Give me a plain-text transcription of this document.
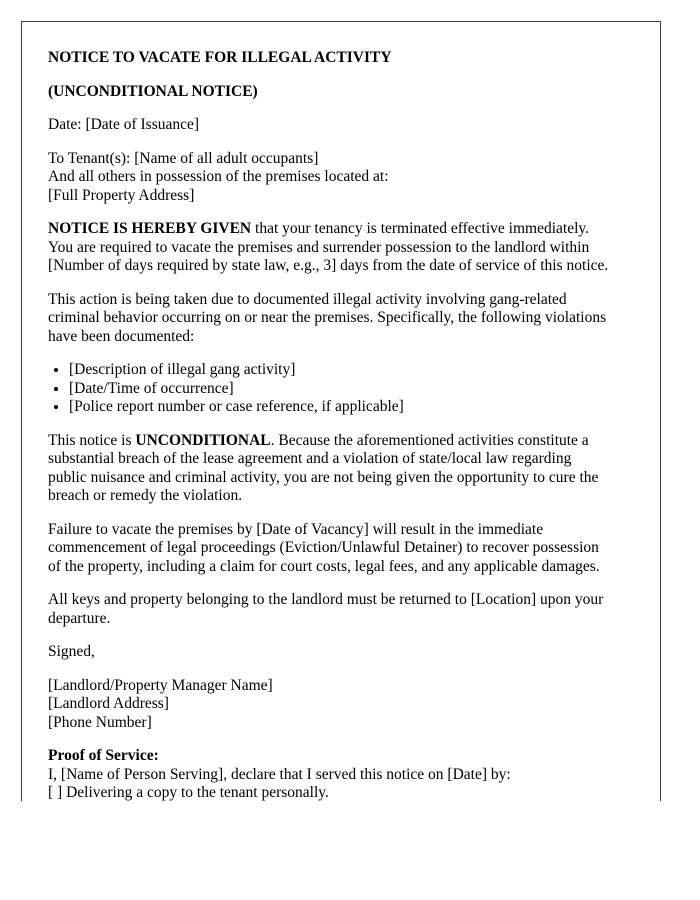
NOTICE TO VACATE FOR ILLEGAL ACTIVITY
(UNCONDITIONAL NOTICE)

Date: [Date of Issuance]

To Tenant(s): [Name of all adult occupants]
And all others in possession of the premises located at:
[Full Property Address]
NOTICE IS HEREBY GIVEN that your tenancy is terminated effective immediately.
You are required to vacate the premises and surrender possession to the landlord within
[Number of days required by state law, e.g., 3] days from the date of service of this notice.
This action is being taken due to documented illegal activity involving gang-related
criminal behavior occurring on or near the premises. Specifically, the following violations
have been documented:
• [Description of illegal gang activity]
• [Date/Time of occurrence]
• [Police report number or case reference, if applicable]
This notice is UNCONDITIONAL. Because the aforementioned activities constitute a
substantial breach of the lease agreement and a violation of state/local law regarding
public nuisance and criminal activity, you are not being given the opportunity to cure the
breach or remedy the violation.
Failure to vacate the premises by [Date of Vacancy] will result in the immediate
commencement of legal proceedings (Eviction/Unlawful Detainer) to recover possession
of the property, including a claim for court costs, legal fees, and any applicable damages.
All keys and property belonging to the landlord must be returned to [Location] upon your
departure.

Signed,

[Landlord/Property Manager Name]
[Landlord Address]
[Phone Number]
Proof of Service:
I, [Name of Person Serving], declare that I served this notice on [Date] by:
[ ] Delivering a copy to the tenant personally.
